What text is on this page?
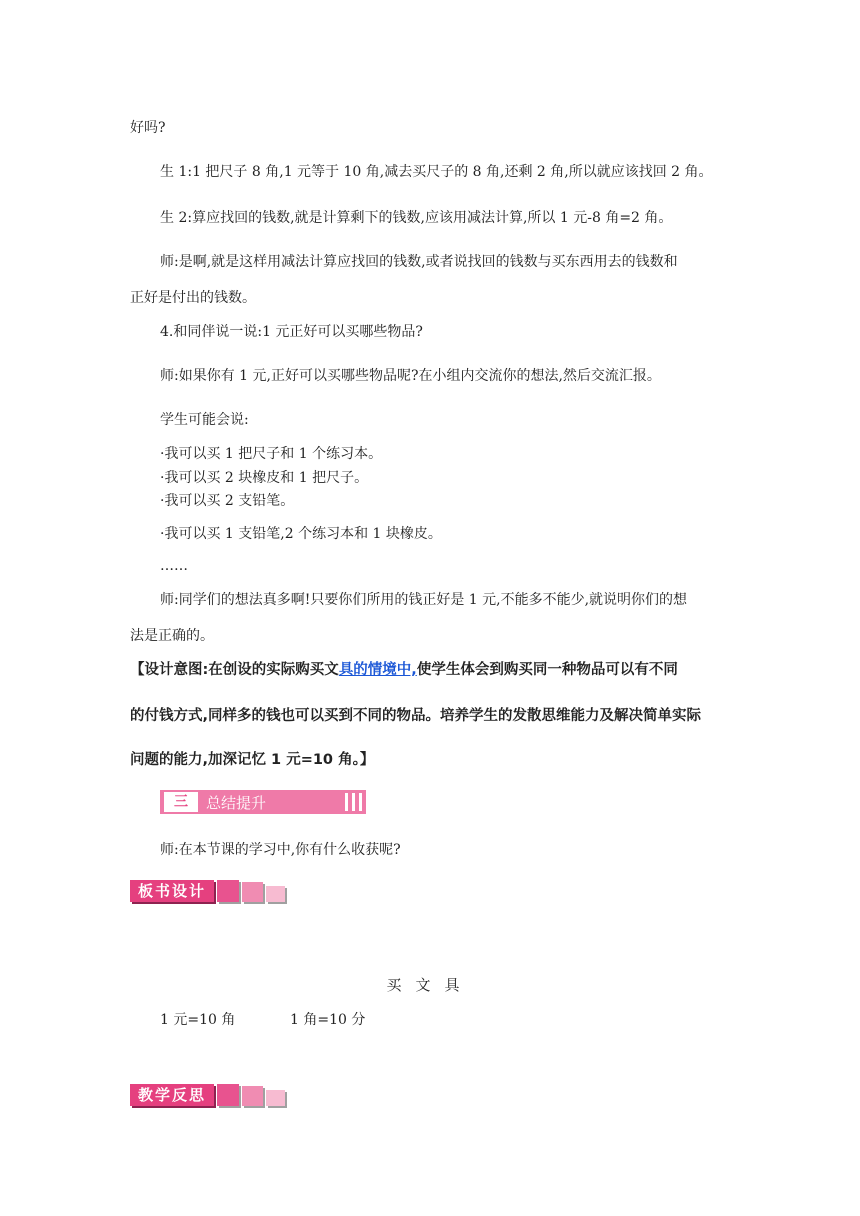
好吗?
生 1:1 把尺子 8 角,1 元等于 10 角,减去买尺子的 8 角,还剩 2 角,所以就应该找回 2 角。
生 2:算应找回的钱数,就是计算剩下的钱数,应该用减法计算,所以 1 元-8 角=2 角。
师:是啊,就是这样用减法计算应找回的钱数,或者说找回的钱数与买东西用去的钱数和
正好是付出的钱数。
4.和同伴说一说:1 元正好可以买哪些物品?
师:如果你有 1 元,正好可以买哪些物品呢?在小组内交流你的想法,然后交流汇报。
学生可能会说:
·我可以买 1 把尺子和 1 个练习本。
·我可以买 2 块橡皮和 1 把尺子。
·我可以买 2 支铅笔。
·我可以买 1 支铅笔,2 个练习本和 1 块橡皮。
……
师:同学们的想法真多啊!只要你们所用的钱正好是 1 元,不能多不能少,就说明你们的想
法是正确的。
【设计意图:在创设的实际购买文具的情境中,使学生体会到购买同一种物品可以有不同
的付钱方式,同样多的钱也可以买到不同的物品。培养学生的发散思维能力及解决简单实际
问题的能力,加深记忆 1 元=10 角。】
三	总结提升
师:在本节课的学习中,你有什么收获呢?
板书设计
买文具
1 元=10 角	1 角=10 分
教学反思
